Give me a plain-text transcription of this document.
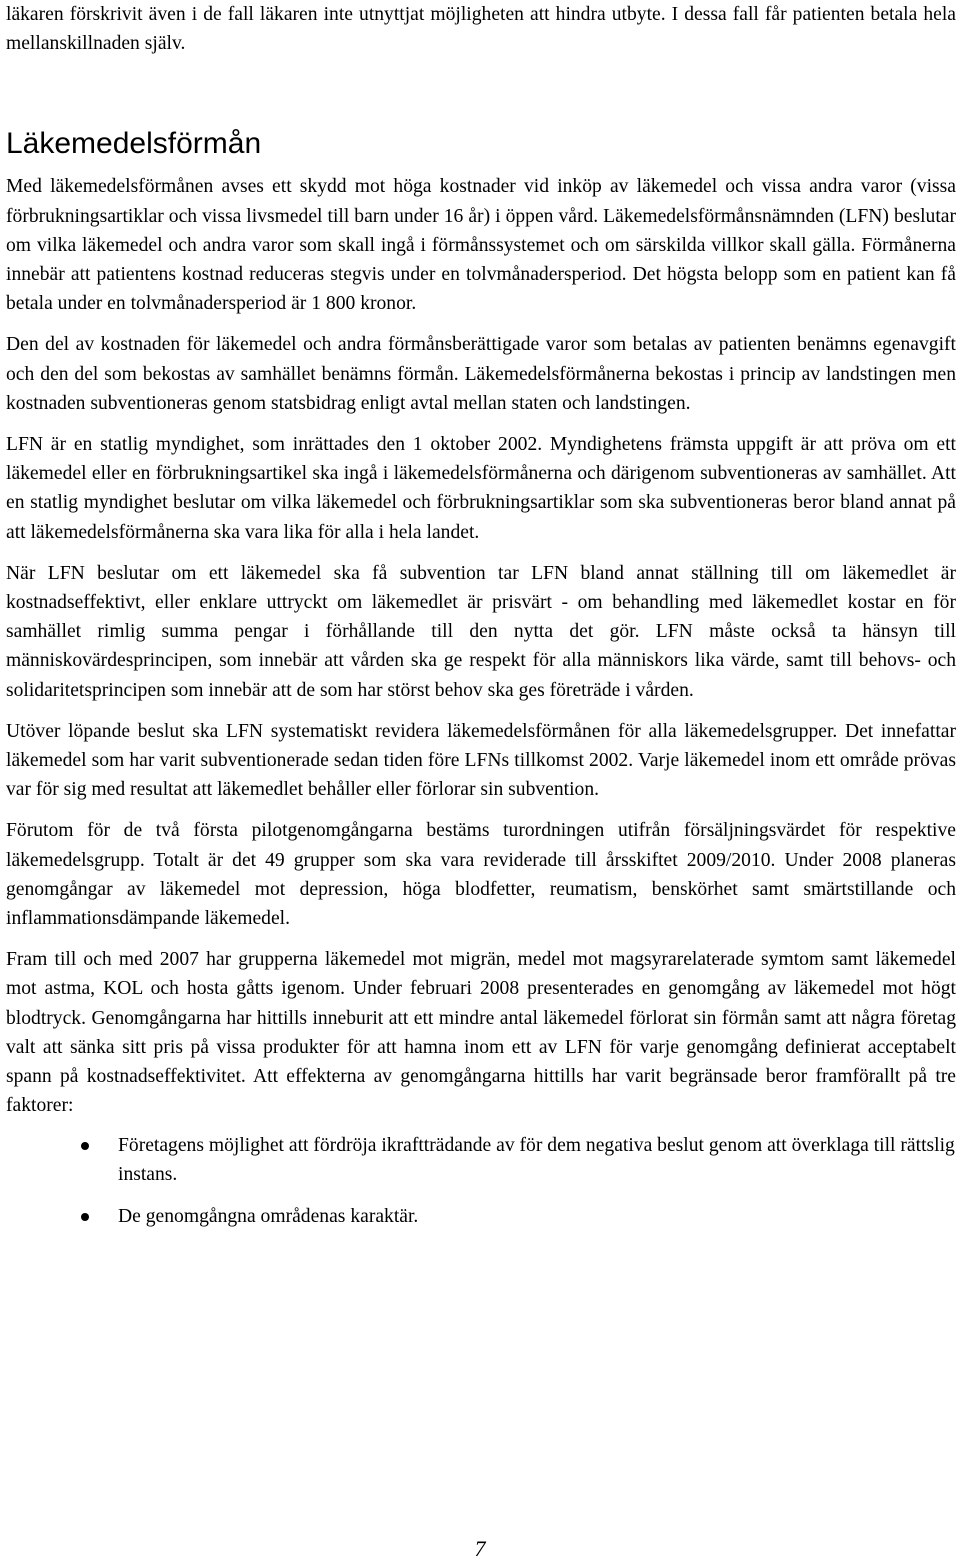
läkaren förskrivit även i de fall läkaren inte utnyttjat möjligheten att hindra utbyte. I dessa fall får patienten betala hela mellanskillnaden själv.

Läkemedelsförmån

Med läkemedelsförmånen avses ett skydd mot höga kostnader vid inköp av läkemedel och vissa andra varor (vissa förbrukningsartiklar och vissa livsmedel till barn under 16 år) i öppen vård. Läkemedelsförmånsnämnden (LFN) beslutar om vilka läkemedel och andra varor som skall ingå i förmånssystemet och om särskilda villkor skall gälla. Förmånerna innebär att patientens kostnad reduceras stegvis under en tolvmånadersperiod. Det högsta belopp som en patient kan få betala under en tolvmånadersperiod är 1 800 kronor.

Den del av kostnaden för läkemedel och andra förmånsberättigade varor som betalas av patienten benämns egenavgift och den del som bekostas av samhället benämns förmån. Läkemedelsförmånerna bekostas i princip av landstingen men kostnaden subventioneras genom statsbidrag enligt avtal mellan staten och landstingen.

LFN är en statlig myndighet, som inrättades den 1 oktober 2002. Myndighetens främsta uppgift är att pröva om ett läkemedel eller en förbrukningsartikel ska ingå i läkemedelsförmånerna och därigenom subventioneras av samhället. Att en statlig myndighet beslutar om vilka läkemedel och förbrukningsartiklar som ska subventioneras beror bland annat på att läkemedelsförmånerna ska vara lika för alla i hela landet.

När LFN beslutar om ett läkemedel ska få subvention tar LFN bland annat ställning till om läkemedlet är kostnadseffektivt, eller enklare uttryckt om läkemedlet är prisvärt - om behandling med läkemedlet kostar en för samhället rimlig summa pengar i förhållande till den nytta det gör. LFN måste också ta hänsyn till människovärdesprincipen, som innebär att vården ska ge respekt för alla människors lika värde, samt till behovs- och solidaritetsprincipen som innebär att de som har störst behov ska ges företräde i vården.

Utöver löpande beslut ska LFN systematiskt revidera läkemedelsförmånen för alla läkemedelsgrupper. Det innefattar läkemedel som har varit subventionerade sedan tiden före LFNs tillkomst 2002. Varje läkemedel inom ett område prövas var för sig med resultat att läkemedlet behåller eller förlorar sin subvention.

Förutom för de två första pilotgenomgångarna bestäms turordningen utifrån försäljningsvärdet för respektive läkemedelsgrupp. Totalt är det 49 grupper som ska vara reviderade till årsskiftet 2009/2010. Under 2008 planeras genomgångar av läkemedel mot depression, höga blodfetter, reumatism, benskörhet samt smärtstillande och inflammationsdämpande läkemedel.

Fram till och med 2007 har grupperna läkemedel mot migrän, medel mot magsyrarelaterade symtom samt läkemedel mot astma, KOL och hosta gåtts igenom. Under februari 2008 presenterades en genomgång av läkemedel mot högt blodtryck. Genomgångarna har hittills inneburit att ett mindre antal läkemedel förlorat sin förmån samt att några företag valt att sänka sitt pris på vissa produkter för att hamna inom ett av LFN för varje genomgång definierat acceptabelt spann på kostnadseffektivitet. Att effekterna av genomgångarna hittills har varit begränsade beror framförallt på tre faktorer:

Företagens möjlighet att fördröja ikraftträdande av för dem negativa beslut genom att överklaga till rättslig instans.
De genomgångna områdenas karaktär.
7
